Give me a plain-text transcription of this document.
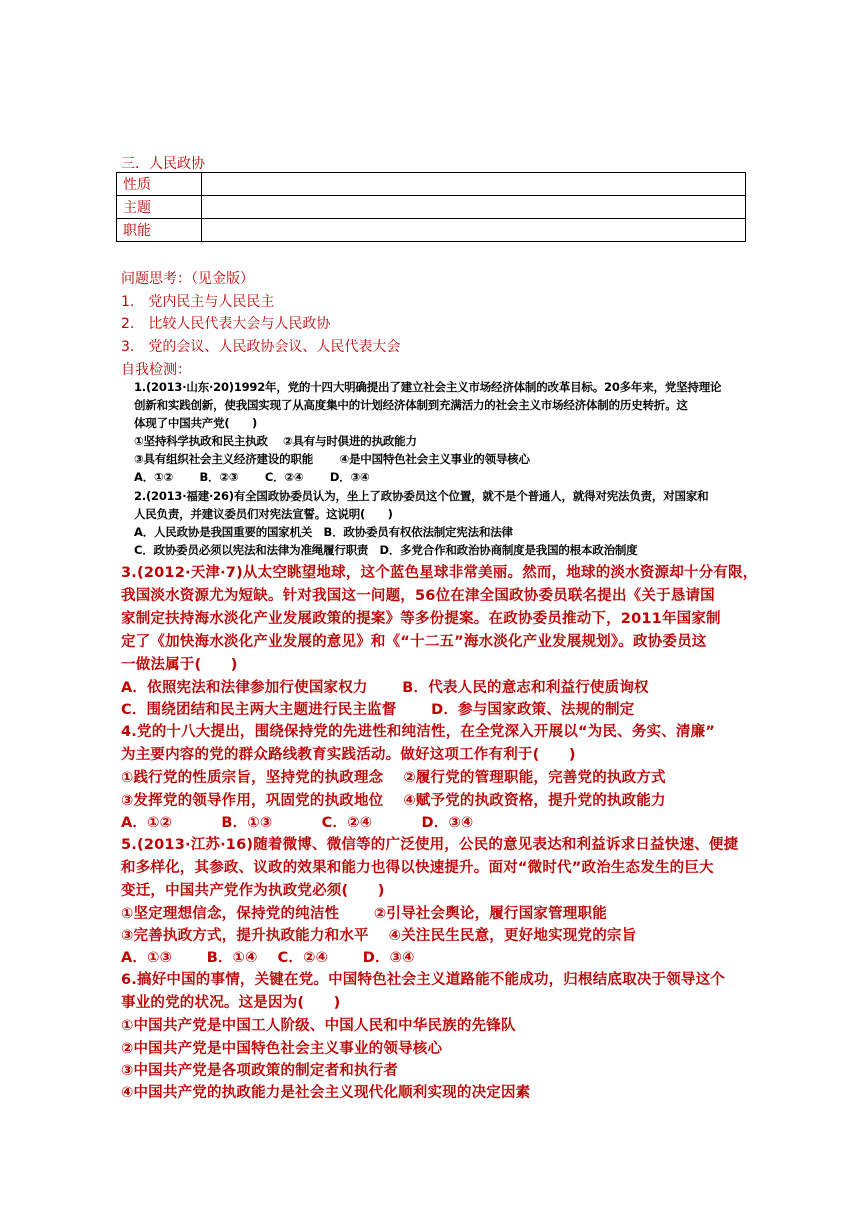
三．人民政协
性质	
主题	
职能	
问题思考：（见金版）
1.　党内民主与人民民主
2.　比较人民代表大会与人民政协
3.　党的会议、人民政协会议、人民代表大会
自我检测：
1.(2013·山东·20)1992年，党的十四大明确提出了建立社会主义市场经济体制的改革目标。20多年来，党坚持理论
创新和实践创新，使我国实现了从高度集中的计划经济体制到充满活力的社会主义市场经济体制的历史转折。这
体现了中国共产党(　　)
①坚持科学执政和民主执政　 ②具有与时俱进的执政能力
③具有组织社会主义经济建设的职能　　 ④是中国特色社会主义事业的领导核心
A．①②　　 B．②③　　 C．②④　　 D．③④
2.(2013·福建·26)有全国政协委员认为，坐上了政协委员这个位置，就不是个普通人，就得对宪法负责，对国家和
人民负责，并建议委员们对宪法宣誓。这说明(　　)
A．人民政协是我国重要的国家机关　B．政协委员有权依法制定宪法和法律
C．政协委员必须以宪法和法律为准绳履行职责　D．多党合作和政治协商制度是我国的根本政治制度
3.(2012·天津·7)从太空眺望地球，这个蓝色星球非常美丽。然而，地球的淡水资源却十分有限，
我国淡水资源尤为短缺。针对我国这一问题，56位在津全国政协委员联名提出《关于恳请国
家制定扶持海水淡化产业发展政策的提案》等多份提案。在政协委员推动下，2011年国家制
定了《加快海水淡化产业发展的意见》和《“十二五”海水淡化产业发展规划》。政协委员这
一做法属于(　　)
A．依照宪法和法律参加行使国家权力　　 B．代表人民的意志和利益行使质询权
C．围绕团结和民主两大主题进行民主监督　　 D．参与国家政策、法规的制定
4.党的十八大提出，围绕保持党的先进性和纯洁性，在全党深入开展以“为民、务实、清廉”
为主要内容的党的群众路线教育实践活动。做好这项工作有利于(　　)
①践行党的性质宗旨，坚持党的执政理念　 ②履行党的管理职能，完善党的执政方式
③发挥党的领导作用，巩固党的执政地位　 ④赋予党的执政资格，提升党的执政能力
A．①②　　　 B．①③　　　 C．②④　　　 D．③④
5.(2013·江苏·16)随着微博、微信等的广泛使用，公民的意见表达和利益诉求日益快速、便捷
和多样化，其参政、议政的效果和能力也得以快速提升。面对“微时代”政治生态发生的巨大
变迁，中国共产党作为执政党必须(　　)
①坚定理想信念，保持党的纯洁性　　 ②引导社会舆论，履行国家管理职能
③完善执政方式，提升执政能力和水平　 ④关注民生民意，更好地实现党的宗旨
A．①③　　 B．①④　 C．②④　　 D．③④
6.搞好中国的事情，关键在党。中国特色社会主义道路能不能成功，归根结底取决于领导这个
事业的党的状况。这是因为(　　)
①中国共产党是中国工人阶级、中国人民和中华民族的先锋队
②中国共产党是中国特色社会主义事业的领导核心
③中国共产党是各项政策的制定者和执行者
④中国共产党的执政能力是社会主义现代化顺利实现的决定因素
